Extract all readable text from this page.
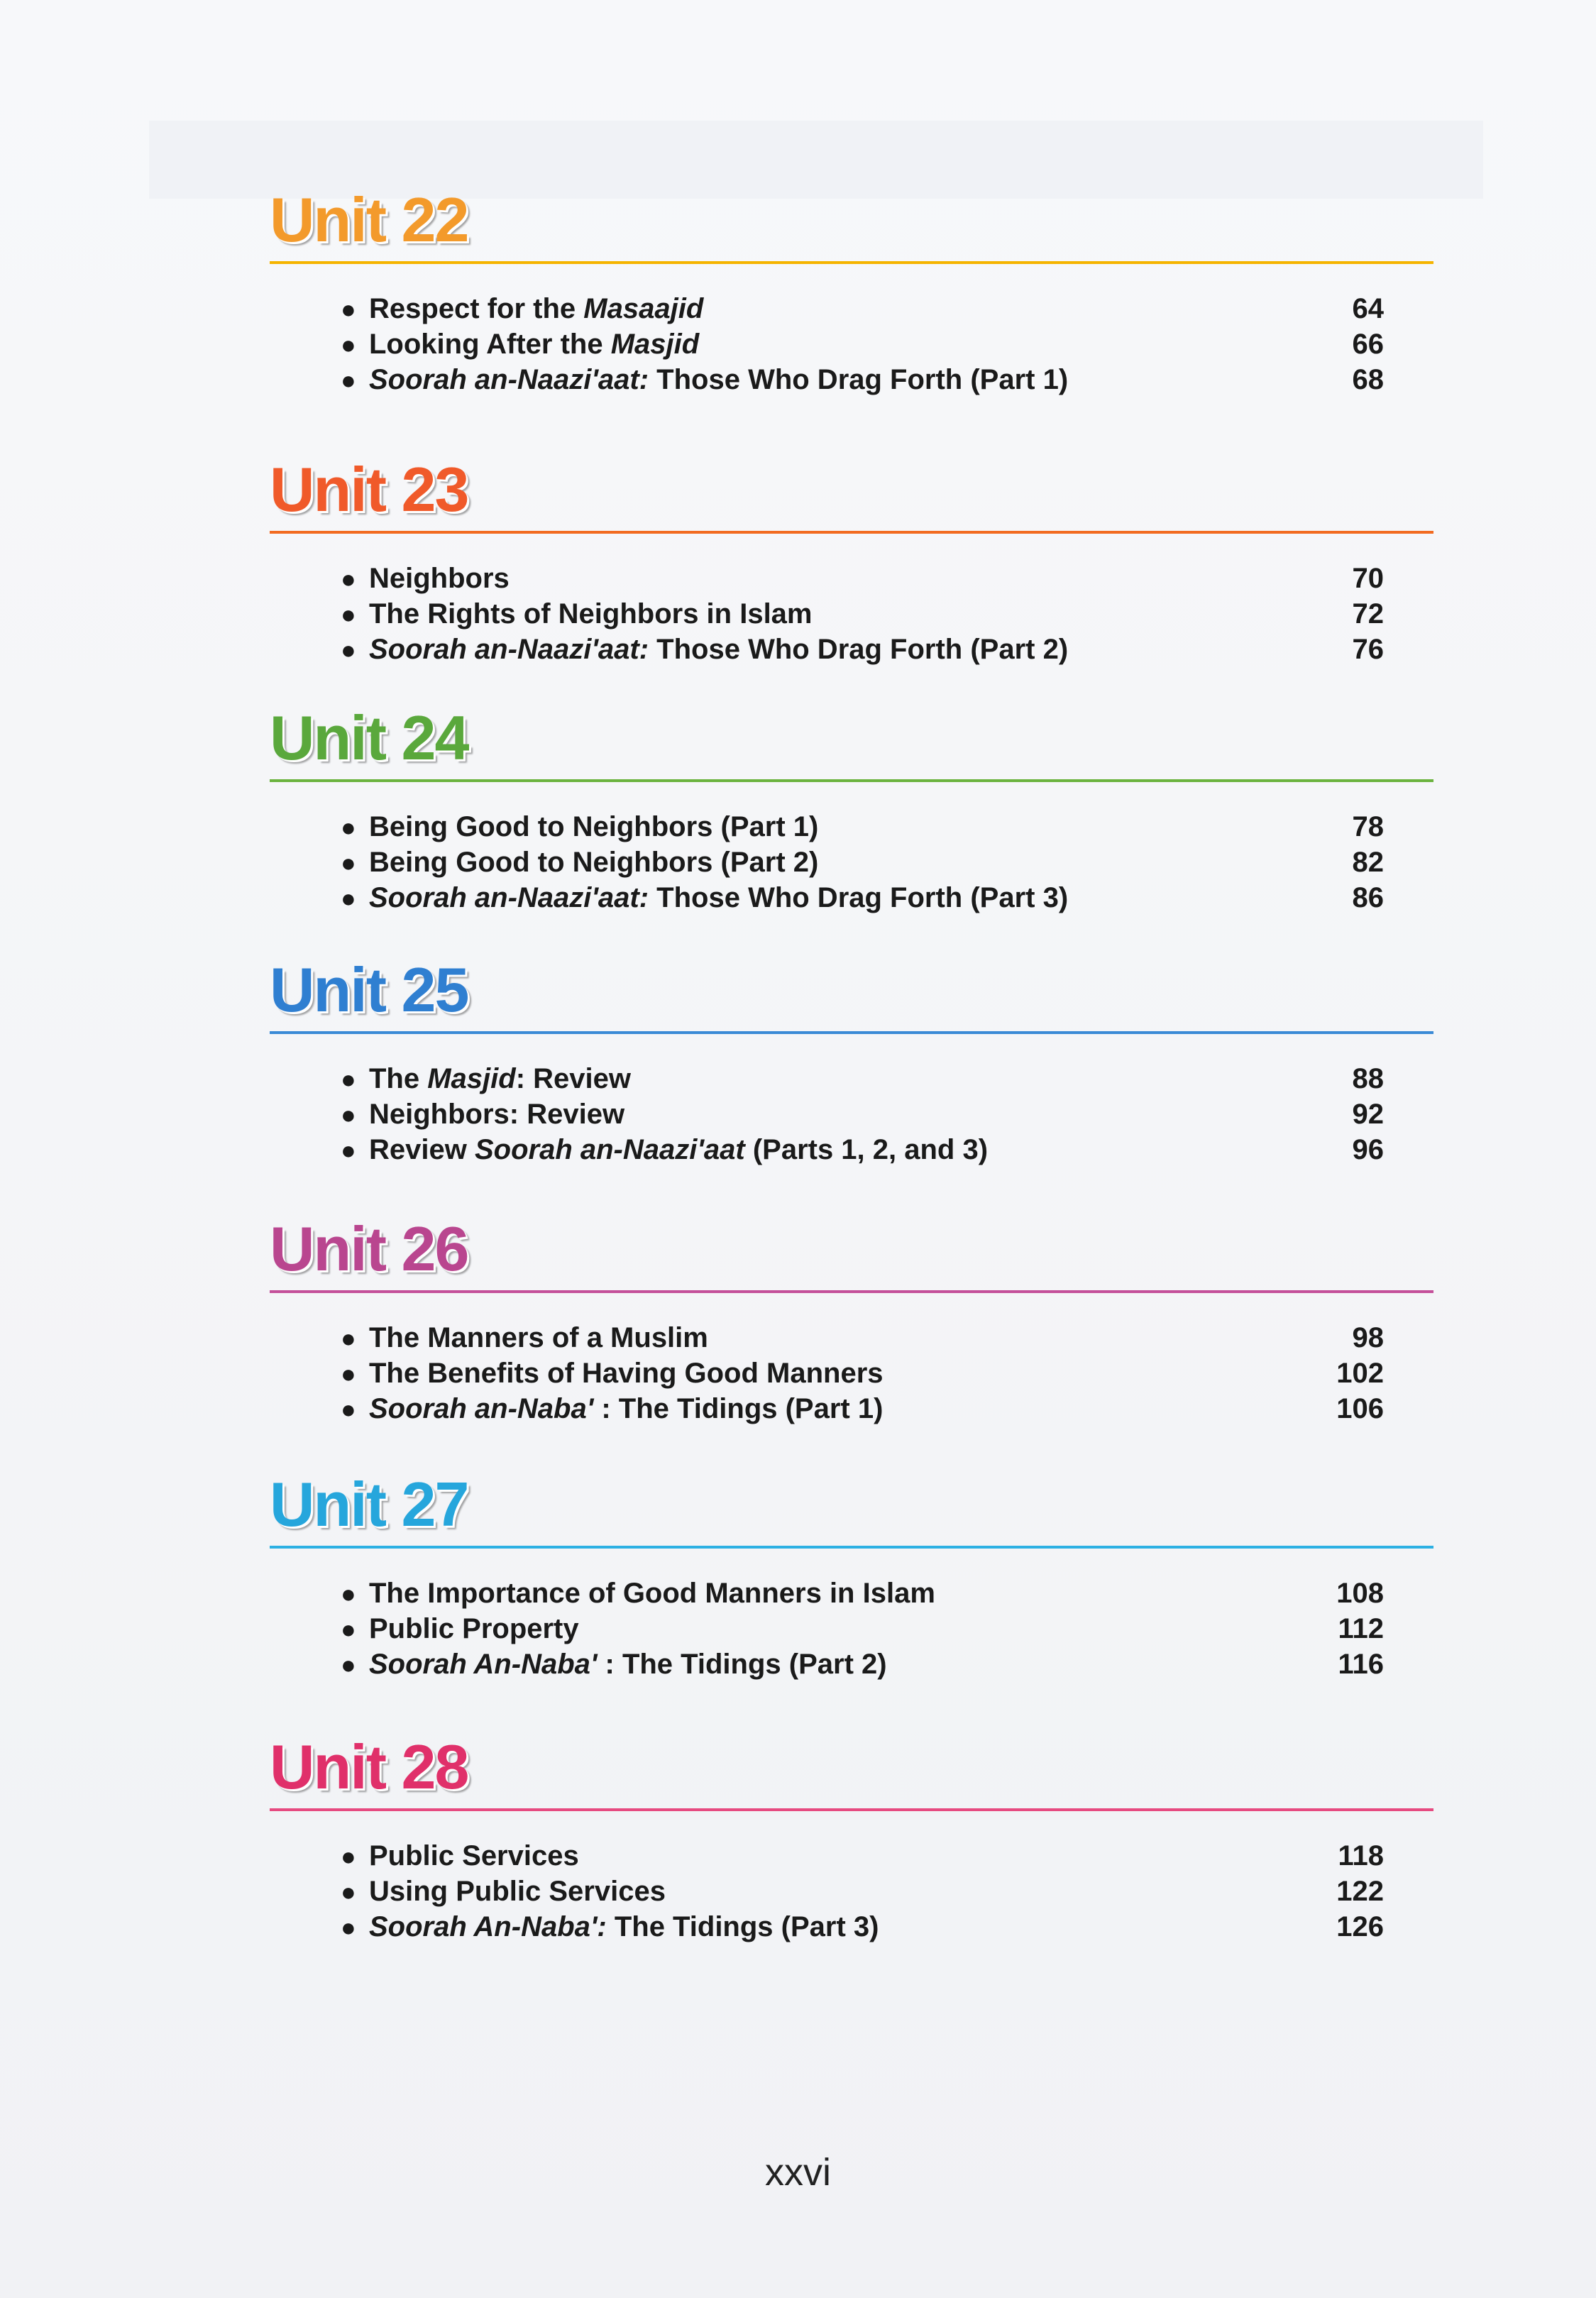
Unit 22
● Respect for the Masaajid	64
● Looking After the Masjid	66
● Soorah an-Naazi'aat: Those Who Drag Forth (Part 1)	68
Unit 23
● Neighbors	70
● The Rights of Neighbors in Islam	72
● Soorah an-Naazi'aat: Those Who Drag Forth (Part 2)	76
Unit 24
● Being Good to Neighbors (Part 1)	78
● Being Good to Neighbors (Part 2)	82
● Soorah an-Naazi'aat: Those Who Drag Forth (Part 3)	86
Unit 25
● The Masjid: Review	88
● Neighbors: Review	92
● Review Soorah an-Naazi'aat (Parts 1, 2, and 3)	96
Unit 26
● The Manners of a Muslim	98
● The Benefits of Having Good Manners	102
● Soorah an-Naba' : The Tidings (Part 1)	106
Unit 27
● The Importance of Good Manners in Islam	108
● Public Property	112
● Soorah An-Naba' : The Tidings (Part 2)	116
Unit 28
● Public Services	118
● Using Public Services	122
● Soorah An-Naba': The Tidings (Part 3)	126
xxvi
